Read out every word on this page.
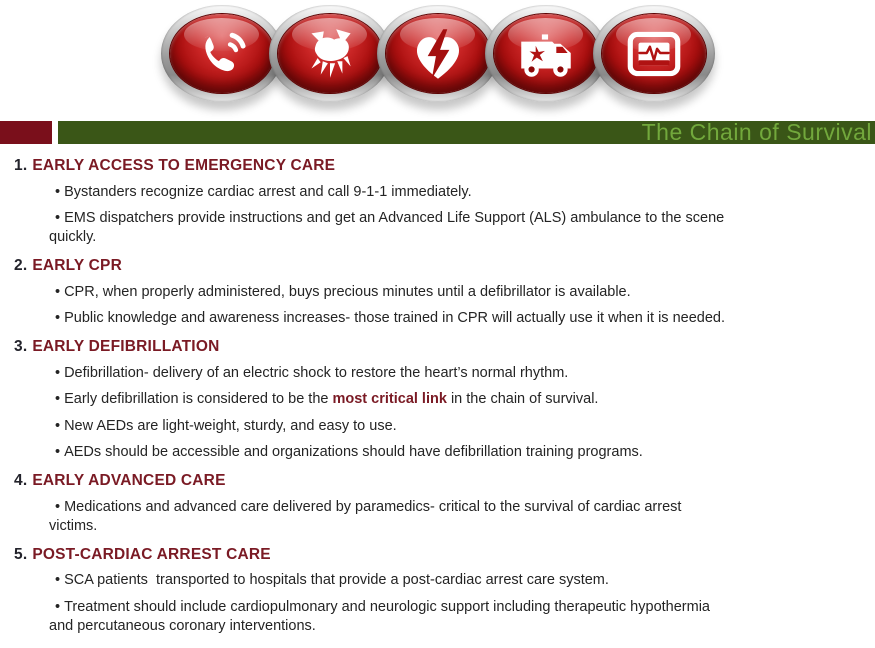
The Chain of Survival
1. EARLY ACCESS TO EMERGENCY CARE

• Bystanders recognize cardiac arrest and call 9-1-1 immediately.

• EMS dispatchers provide instructions and get an Advanced Life Support (ALS) ambulance to the scene
quickly.

2. EARLY CPR

• CPR, when properly administered, buys precious minutes until a defibrillator is available.

• Public knowledge and awareness increases- those trained in CPR will actually use it when it is needed.

3. EARLY DEFIBRILLATION

• Defibrillation- delivery of an electric shock to restore the heart’s normal rhythm.

• Early defibrillation is considered to be the most critical link in the chain of survival.

• New AEDs are light-weight, sturdy, and easy to use.

• AEDs should be accessible and organizations should have defibrillation training programs.

4. EARLY ADVANCED CARE

• Medications and advanced care delivered by paramedics- critical to the survival of cardiac arrest
victims.

5. POST-CARDIAC ARREST CARE

• SCA patients  transported to hospitals that provide a post-cardiac arrest care system.

• Treatment should include cardiopulmonary and neurologic support including therapeutic hypothermia
and percutaneous coronary interventions.
